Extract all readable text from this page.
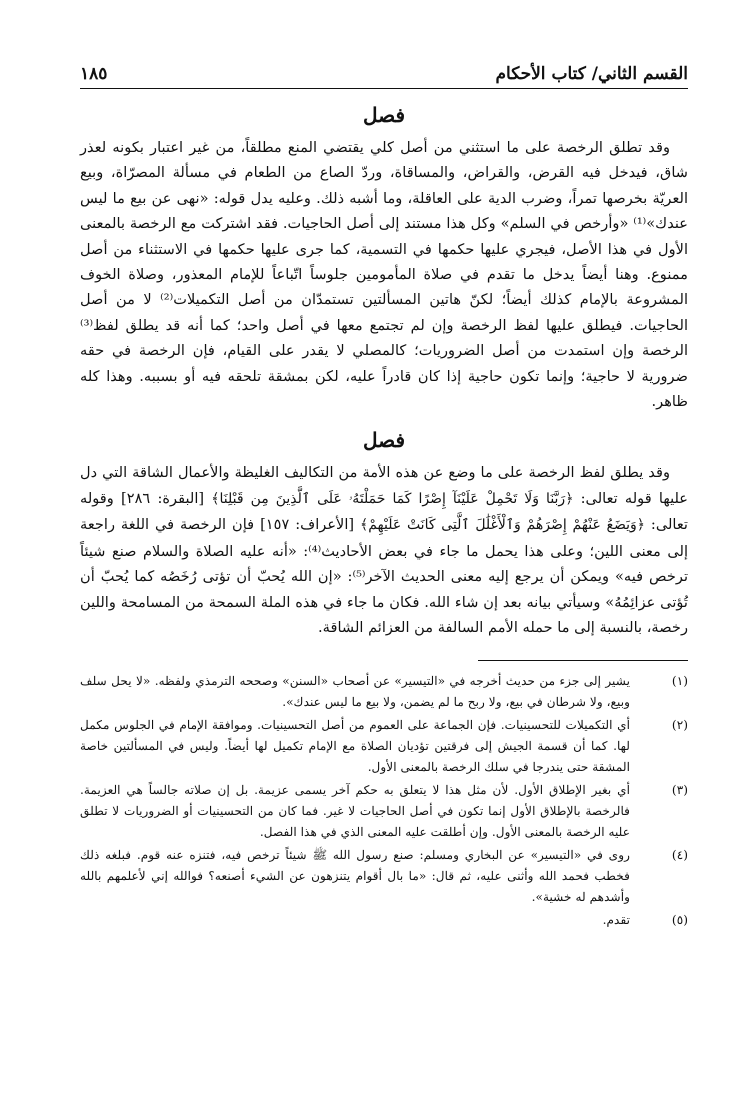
القسم الثاني/ كتاب الأحكام
١٨٥
فصل

وقد تطلق الرخصة على ما استثني من أصل كلي يقتضي المنع مطلقاً، من غير اعتبار بكونه لعذر شاق، فيدخل فيه القرض، والقراض، والمساقاة، وردّ الصاع من الطعام في مسألة المصرّاة، وبيع العريّة بخرصها تمراً، وضرب الدية على العاقلة، وما أشبه ذلك. وعليه يدل قوله: «نهى عن بيع ما ليس عندك»⁽¹⁾ «وأرخص في السلم» وكل هذا مستند إلى أصل الحاجيات. فقد اشتركت مع الرخصة بالمعنى الأول في هذا الأصل، فيجري عليها حكمها في التسمية، كما جرى عليها حكمها في الاستثناء من أصل ممنوع. وهنا أيضاً يدخل ما تقدم في صلاة المأمومين جلوساً اتّباعاً للإمام المعذور، وصلاة الخوف المشروعة بالإمام كذلك أيضاً؛ لكنّ هاتين المسألتين تستمدّان من أصل التكميلات⁽²⁾ لا من أصل الحاجيات. فيطلق عليها لفظ الرخصة وإن لم تجتمع معها في أصل واحد؛ كما أنه قد يطلق لفظ⁽³⁾ الرخصة وإن استمدت من أصل الضروريات؛ كالمصلي لا يقدر على القيام، فإن الرخصة في حقه ضرورية لا حاجية؛ وإنما تكون حاجية إذا كان قادراً عليه، لكن بمشقة تلحقه فيه أو بسببه. وهذا كله ظاهر.

فصل

وقد يطلق لفظ الرخصة على ما وضع عن هذه الأمة من التكاليف الغليظة والأعمال الشاقة التي دل عليها قوله تعالى: ﴿رَبَّنَا وَلَا تَحْمِلْ عَلَيْنَآ إِصْرًا كَمَا حَمَلْتَهُۥ عَلَى ٱلَّذِينَ مِن قَبْلِنَا﴾ [البقرة: ٢٨٦] وقوله تعالى: ﴿وَيَضَعُ عَنْهُمْ إِصْرَهُمْ وَٱلْأَغْلَٰلَ ٱلَّتِى كَانَتْ عَلَيْهِمْ﴾ [الأعراف: ١٥٧] فإن الرخصة في اللغة راجعة إلى معنى اللين؛ وعلى هذا يحمل ما جاء في بعض الأحاديث⁽⁴⁾: «أنه عليه الصلاة والسلام صنع شيئاً ترخص فيه» ويمكن أن يرجع إليه معنى الحديث الآخر⁽⁵⁾: «إن الله يُحبّ أن تؤتى رُخَصُه كما يُحبّ أن تُؤتى عزائِمُهُ» وسيأتي بيانه بعد إن شاء الله. فكان ما جاء في هذه الملة السمحة من المسامحة واللين رخصة، بالنسبة إلى ما حمله الأمم السالفة من العزائم الشاقة.

(١)
يشير إلى جزء من حديث أخرجه في «التيسير» عن أصحاب «السنن» وصححه الترمذي ولفظه. «لا يحل سلف وبيع، ولا شرطان في بيع، ولا ربح ما لم يضمن، ولا بيع ما ليس عندك».
(٢)
أي التكميلات للتحسينيات. فإن الجماعة على العموم من أصل التحسينيات. وموافقة الإمام في الجلوس مكمل لها. كما أن قسمة الجيش إلى فرقتين تؤديان الصلاة مع الإمام تكميل لها أيضاً. وليس في المسألتين خاصة المشقة حتى يندرجا في سلك الرخصة بالمعنى الأول.
(٣)
أي بغير الإطلاق الأول. لأن مثل هذا لا يتعلق به حكم آخر يسمى عزيمة. بل إن صلاته جالساً هي العزيمة. فالرخصة بالإطلاق الأول إنما تكون في أصل الحاجيات لا غير. فما كان من التحسينيات أو الضروريات لا تطلق عليه الرخصة بالمعنى الأول. وإن أطلقت عليه المعنى الذي في هذا الفصل.
(٤)
روى في «التيسير» عن البخاري ومسلم: صنع رسول الله ﷺ شيئاً ترخص فيه، فتنزه عنه قوم. فبلغه ذلك فخطب فحمد الله وأثنى عليه، ثم قال: «ما بال أقوام يتنزهون عن الشيء أصنعه؟ فوالله إني لأعلمهم بالله وأشدهم له خشية».
(٥)
تقدم.
